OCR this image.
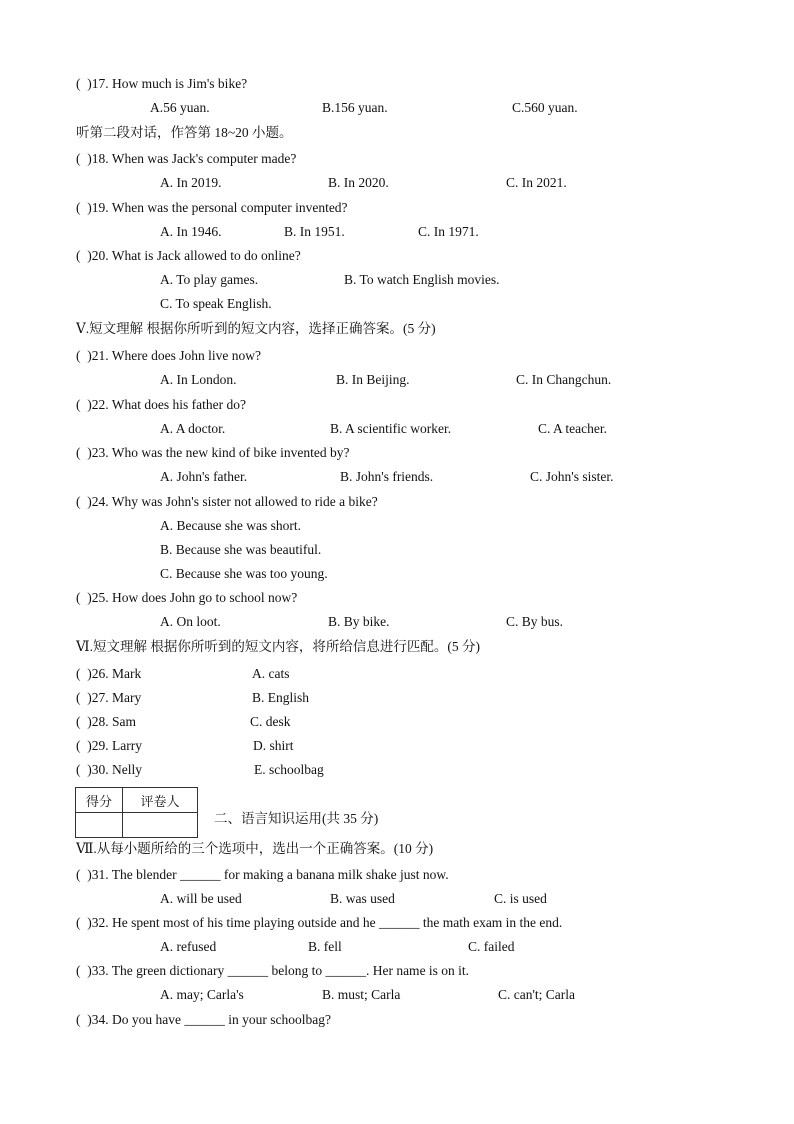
(  )17. How much is Jim's bike?
A.56 yuan.	B.156 yuan.	C.560 yuan.
听第二段对话，作答第 18~20 小题。
(  )18. When was Jack's computer made?
A. In 2019.	B. In 2020.	C. In 2021.
(  )19. When was the personal computer invented?
A. In 1946.	B. In 1951.	C. In 1971.
(  )20. What is Jack allowed to do online?
A. To play games.	B. To watch English movies.
C. To speak English.
Ⅴ.短文理解 根据你所听到的短文内容，选择正确答案。(5 分)
(  )21. Where does John live now?
A. In London.	B. In Beijing.	C. In Changchun.
(  )22. What does his father do?
A. A doctor.	B. A scientific worker.	C. A teacher.
(  )23. Who was the new kind of bike invented by?
A. John's father.	B. John's friends.	C. John's sister.
(  )24. Why was John's sister not allowed to ride a bike?
A. Because she was short.
B. Because she was beautiful.
C. Because she was too young.
(  )25. How does John go to school now?
A. On loot.	B. By bike.	C. By bus.
Ⅵ.短文理解 根据你所听到的短文内容，将所给信息进行匹配。(5 分)
(  )26. Mark	A. cats
(  )27. Mary	B. English
(  )28. Sam	C. desk
(  )29. Larry	D. shirt
(  )30. Nelly	E. schoolbag
得分	评卷人

二、语言知识运用(共 35 分)
Ⅶ.从每小题所给的三个选项中，选出一个正确答案。(10 分)
(  )31. The blender ______ for making a banana milk shake just now.
A. will be used	B. was used	C. is used
(  )32. He spent most of his time playing outside and he ______ the math exam in the end.
A. refused	B. fell	C. failed
(  )33. The green dictionary ______ belong to ______. Her name is on it.
A. may; Carla's	B. must; Carla	C. can't; Carla
(  )34. Do you have ______ in your schoolbag?
